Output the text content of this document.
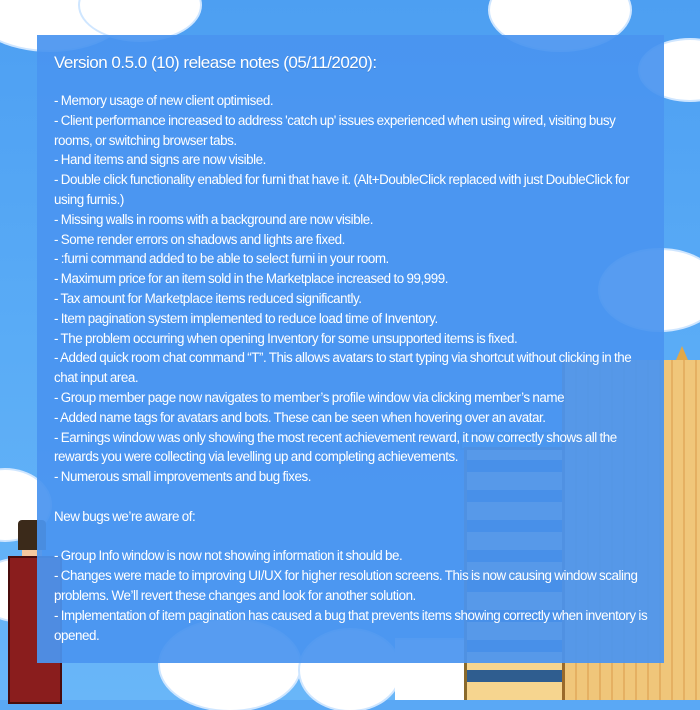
Version 0.5.0 (10) release notes (05/11/2020):
- Memory usage of new client optimised.
- Client performance increased to address 'catch up' issues experienced when using wired, visiting busy rooms, or switching browser tabs.
- Hand items and signs are now visible.
- Double click functionality enabled for furni that have it. (Alt+DoubleClick replaced with just DoubleClick for using furnis.)
- Missing walls in rooms with a background are now visible.
- Some render errors on shadows and lights are fixed.
- :furni command added to be able to select furni in your room.
- Maximum price for an item sold in the Marketplace increased to 99,999.
- Tax amount for Marketplace items reduced significantly.
- Item pagination system implemented to reduce load time of Inventory.
- The problem occurring when opening Inventory for some unsupported items is fixed.
- Added quick room chat command “T”. This allows avatars to start typing via shortcut without clicking in the chat input area.
- Group member page now navigates to member’s profile window via clicking member’s name
- Added name tags for avatars and bots. These can be seen when hovering over an avatar.
- Earnings window was only showing the most recent achievement reward, it now correctly shows all the rewards you were collecting via levelling up and completing achievements.
- Numerous small improvements and bug fixes.
New bugs we’re aware of:
- Group Info window is now not showing information it should be.
- Changes were made to improving UI/UX for higher resolution screens. This is now causing window scaling problems. We’ll revert these changes and look for another solution.
- Implementation of item pagination has caused a bug that prevents items showing correctly when inventory is opened.
